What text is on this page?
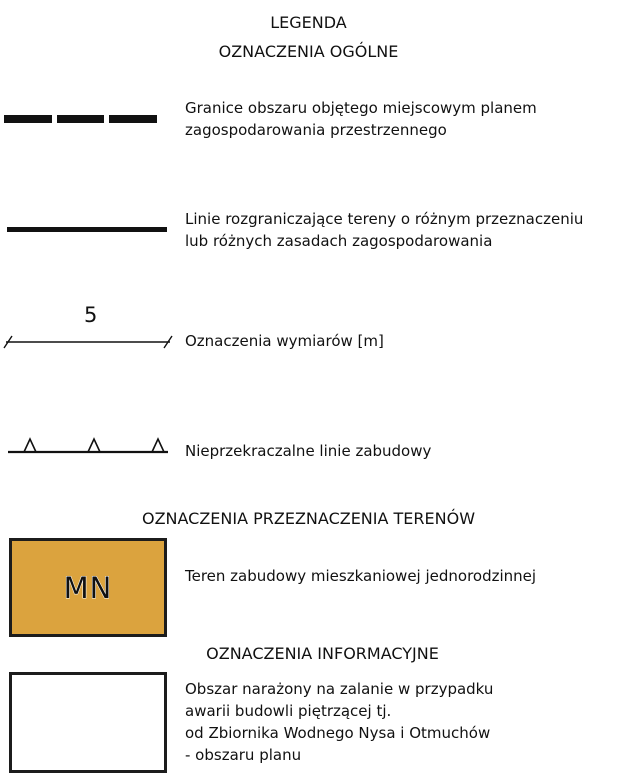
LEGENDA
OZNACZENIA OGÓLNE
Granice obszaru objętego miejscowym planem
zagospodarowania przestrzennego
Linie rozgraniczające tereny o różnym przeznaczeniu
lub różnych zasadach zagospodarowania
5
Oznaczenia wymiarów [m]
Nieprzekraczalne linie zabudowy
OZNACZENIA PRZEZNACZENIA TERENÓW
MN	Teren zabudowy mieszkaniowej jednorodzinnej
OZNACZENIA INFORMACYJNE
Obszar narażony na zalanie w przypadku
awarii budowli piętrzącej tj.
od Zbiornika Wodnego Nysa i Otmuchów
- obszaru planu
